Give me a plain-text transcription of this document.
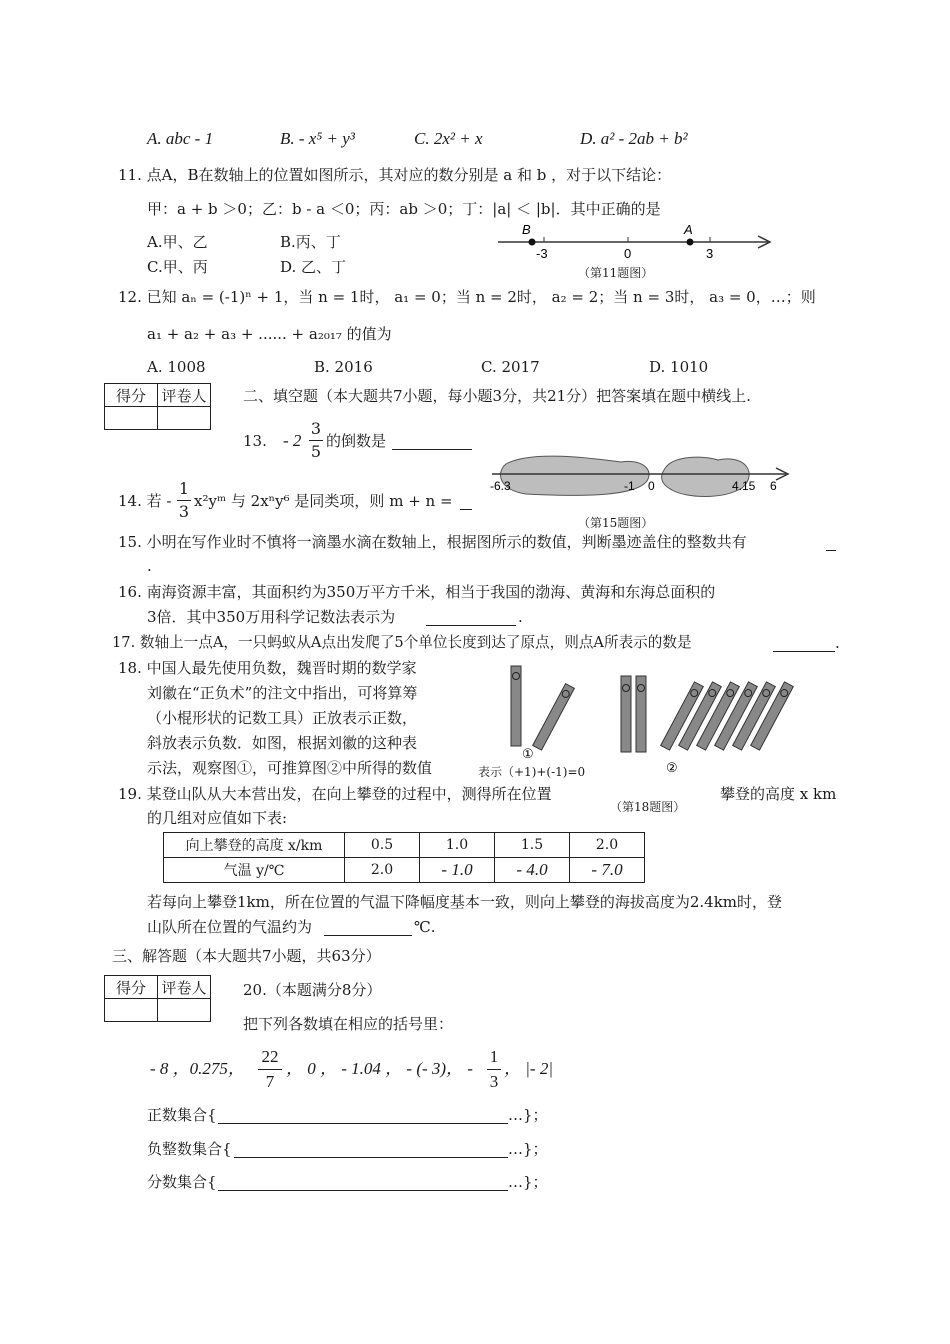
A. abc - 1	B. - x⁵ + y³	C. 2x² + x	D. a² - 2ab + b²
11. 点A，B在数轴上的位置如图所示，其对应的数分别是 a 和 b ，对于以下结论：
甲：a + b ＞0；乙：b - a ＜0；丙：ab ＞0；丁：|a| ＜ |b|．其中正确的是
A.甲、乙	B.丙、丁
C.甲、丙	D. 乙、丁
B	A
-3	0	3
（第11题图）
12. 已知 aₙ = (-1)ⁿ + 1，当 n = 1时， a₁ = 0；当 n = 2时， a₂ = 2；当 n = 3时， a₃ = 0，…；则
a₁ + a₂ + a₃ + ...... + a₂₀₁₇ 的值为
A. 1008	B. 2016	C. 2017	D. 1010
得分	评卷人
	二、填空题（本大题共7小题，每小题3分，共21分）把答案填在题中横线上.
13. - $2 \frac{3}{5}$ 的倒数是
-6.3	-1 0	4.15 6
（第15题图）
14. 若 - $\frac{1}{3}$ x²yᵐ 与 2xⁿy⁶ 是同类项，则 m + n =
15. 小明在写作业时不慎将一滴墨水滴在数轴上，根据图所示的数值，判断墨迹盖住的整数共有
.
16. 南海资源丰富，其面积约为350万平方千米，相当于我国的渤海、黄海和东海总面积的
3倍．其中350万用科学记数法表示为	.
17. 数轴上一点A，一只蚂蚁从A点出发爬了5个单位长度到达了原点，则点A所表示的数是	.
18. 中国人最先使用负数，魏晋时期的数学家
刘徽在“正负术”的注文中指出，可将算筹
（小棍形状的记数工具）正放表示正数，
斜放表示负数．如图，根据刘徽的这种表
示法，观察图①，可推算图②中所得的数值
①
②
表示（+1)+(-1)=0
（第18题图）
19. 某登山队从大本营出发，在向上攀登的过程中，测得所在位置	攀登的高度 x km
的几组对应值如下表:
向上攀登的高度 x/km	0.5	1.0	1.5	2.0
气温 y/℃	2.0	- 1.0	- 4.0	- 7.0
若每向上攀登1km，所在位置的气温下降幅度基本一致，则向上攀登的海拔高度为2.4km时，登
山队所在位置的气温约为	℃.
三、解答题（本大题共7小题，共63分）
得分	评卷人
	20.（本题满分8分）
把下列各数填在相应的括号里：
- 8 ，0.275， $\frac{22}{7}$ ， 0 ， - 1.04 ， - (- 3)， - $\frac{1}{3}$ ， |- 2|
正数集合{	…}；
负整数集合{	…}；
分数集合{	…}；
